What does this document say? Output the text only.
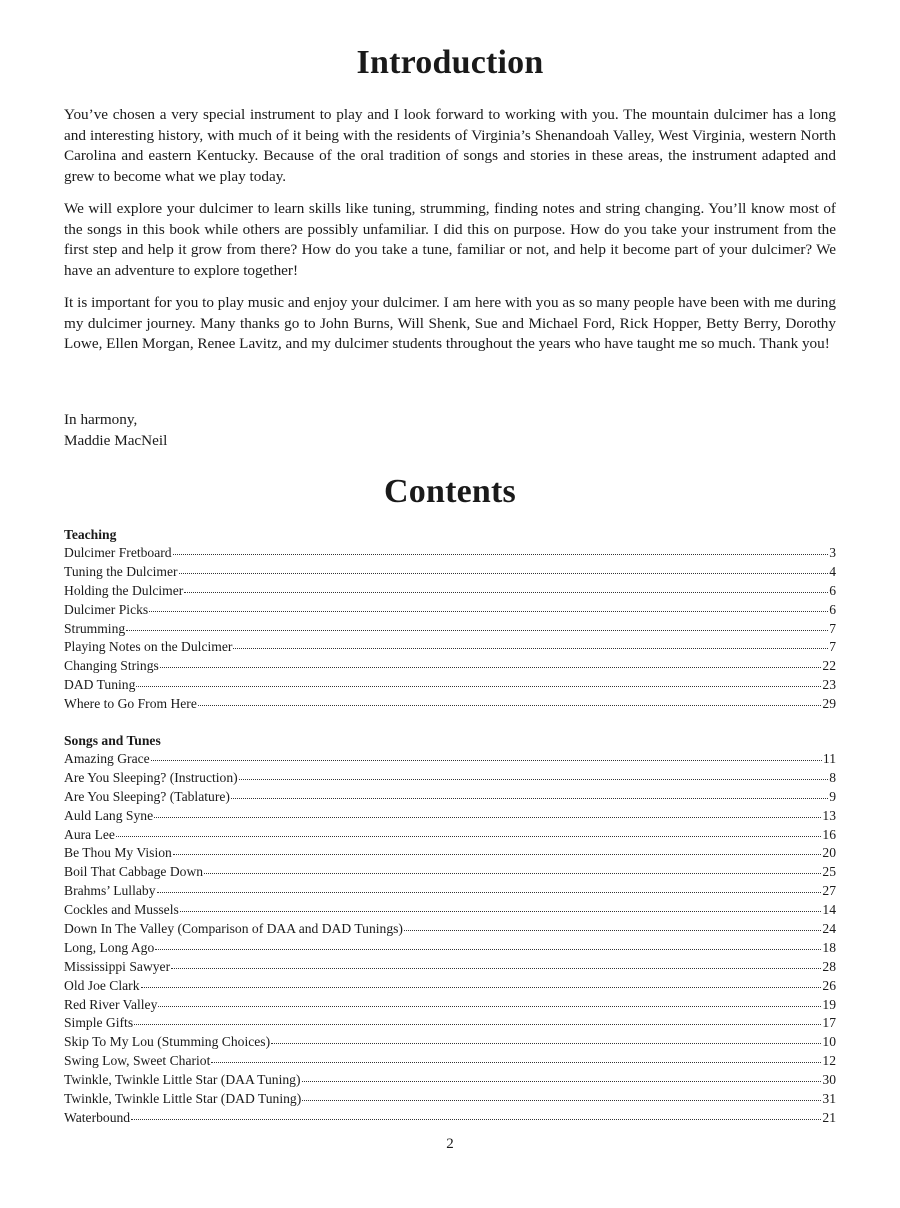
Introduction

You’ve chosen a very special instrument to play and I look forward to working with you. The mountain dulcimer has a long and interesting history, with much of it being with the residents of Virginia’s Shenandoah Valley, West Virginia, western North Carolina and eastern Kentucky. Because of the oral tradition of songs and stories in these areas, the instrument adapted and grew to become what we play today.

We will explore your dulcimer to learn skills like tuning, strumming, finding notes and string changing. You’ll know most of the songs in this book while others are possibly unfamiliar. I did this on purpose. How do you take your instrument from the first step and help it grow from there? How do you take a tune, familiar or not, and help it become part of your dulcimer? We have an adventure to explore together!

It is important for you to play music and enjoy your dulcimer. I am here with you as so many people have been with me during my dulcimer journey. Many thanks go to John Burns, Will Shenk, Sue and Michael Ford, Rick Hopper, Betty Berry, Dorothy Lowe, Ellen Morgan, Renee Lavitz, and my dulcimer students throughout the years who have taught me so much. Thank you!

In harmony,
Maddie MacNeil
Contents
Teaching
Dulcimer Fretboard	3
Tuning the Dulcimer	4
Holding the Dulcimer	6
Dulcimer Picks	6
Strumming	7
Playing Notes on the Dulcimer	7
Changing Strings	22
DAD Tuning	23
Where to Go From Here	29
Songs and Tunes
Amazing Grace	11
Are You Sleeping? (Instruction)	8
Are You Sleeping? (Tablature)	9
Auld Lang Syne	13
Aura Lee	16
Be Thou My Vision	20
Boil That Cabbage Down	25
Brahms’ Lullaby	27
Cockles and Mussels	14
Down In The Valley (Comparison of DAA and DAD Tunings)	24
Long, Long Ago	18
Mississippi Sawyer	28
Old Joe Clark	26
Red River Valley	19
Simple Gifts	17
Skip To My Lou (Stumming Choices)	10
Swing Low, Sweet Chariot	12
Twinkle, Twinkle Little Star (DAA Tuning)	30
Twinkle, Twinkle Little Star (DAD Tuning)	31
Waterbound	21
2
